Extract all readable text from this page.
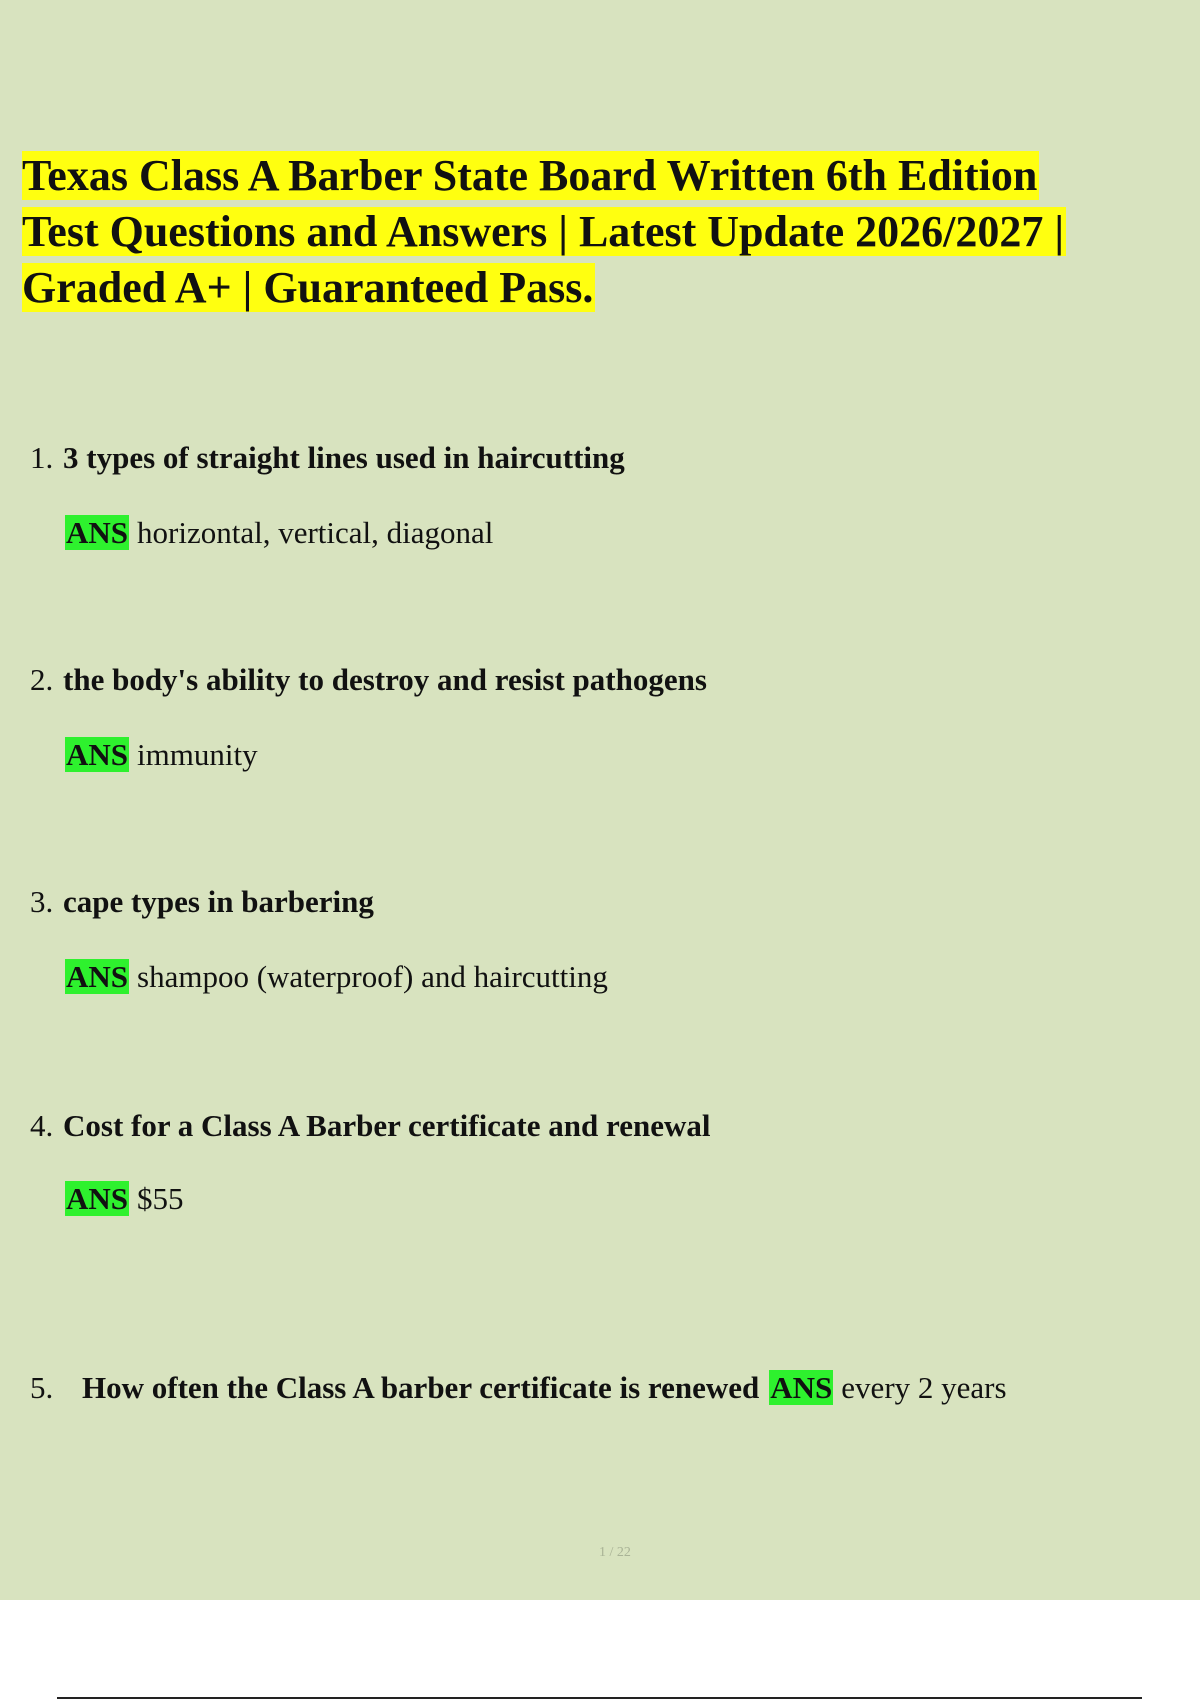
Texas Class A Barber State Board Written 6th Edition
Test Questions and Answers | Latest Update 2026/2027 |
Graded A+ | Guaranteed Pass.
1. 3 types of straight lines used in haircutting
ANS horizontal, vertical, diagonal
2. the body's ability to destroy and resist pathogens
ANS immunity
3. cape types in barbering
ANS shampoo (waterproof) and haircutting
4. Cost for a Class A Barber certificate and renewal
ANS $55
5. How often the Class A barber certificate is renewed ANS every 2 years
1 / 22
